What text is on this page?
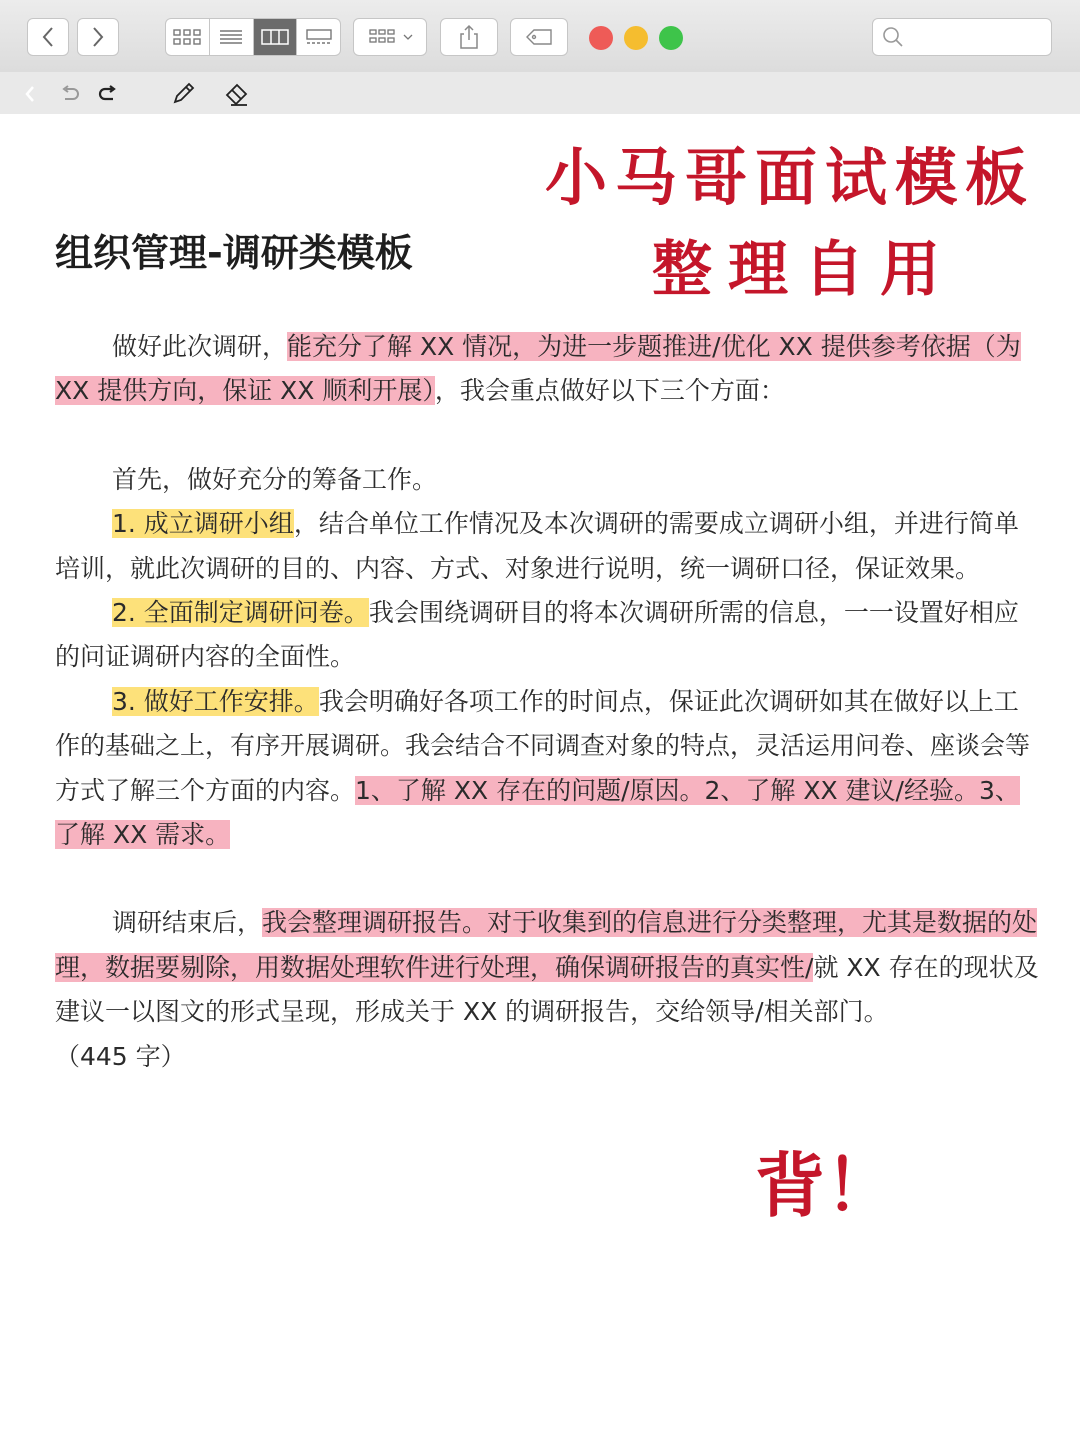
小马哥面试模板
整理自用
背！
组织管理-调研类模板

做好此次调研，能充分了解 XX 情况，为进一步题推进/优化 XX 提供参考依据（为 XX 提供方向，保证 XX 顺利开展），我会重点做好以下三个方面：

首先，做好充分的筹备工作。

1. 成立调研小组，结合单位工作情况及本次调研的需要成立调研小组，并进行简单培训，就此次调研的目的、内容、方式、对象进行说明，统一调研口径，保证效果。

2. 全面制定调研问卷。我会围绕调研目的将本次调研所需的信息，一一设置好相应的问证调研内容的全面性。

3. 做好工作安排。我会明确好各项工作的时间点，保证此次调研如其在做好以上工作的基础之上，有序开展调研。我会结合不同调查对象的特点，灵活运用问卷、座谈会等方式了解三个方面的内容。1、了解 XX 存在的问题/原因。2、了解 XX 建议/经验。3、了解 XX 需求。

调研结束后，我会整理调研报告。对于收集到的信息进行分类整理，尤其是数据的处理，数据要剔除，用数据处理软件进行处理，确保调研报告的真实性/就 XX 存在的现状及建议一以图文的形式呈现，形成关于 XX 的调研报告，交给领导/相关部门。

（445 字）
